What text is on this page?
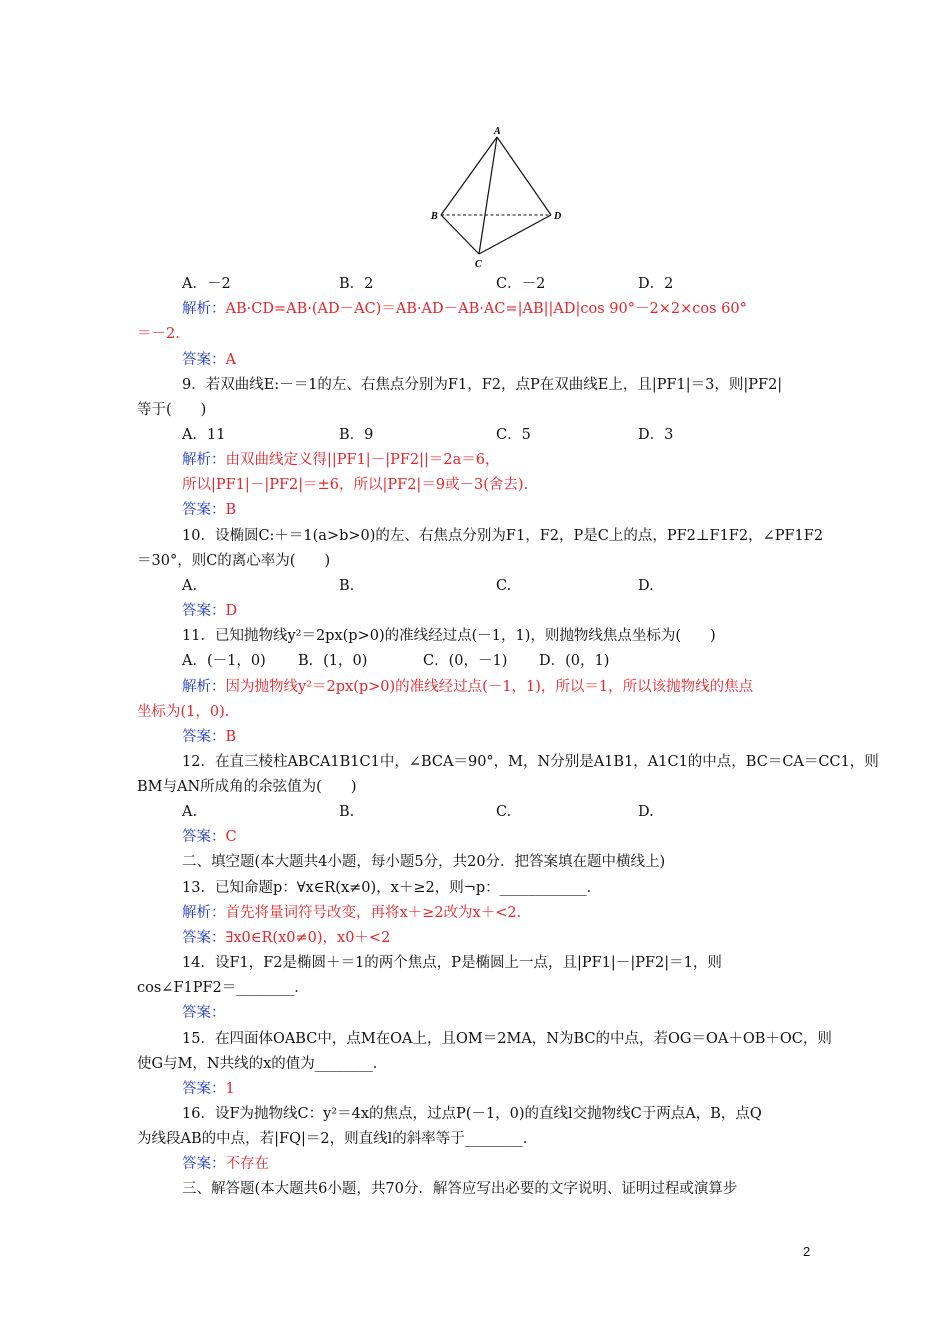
A
B	D
C
A．－2	B．2	C．－2	D．2
解析：AB·CD=AB·(AD－AC)＝AB·AD－AB·AC=|AB||AD|cos 90°－2×2×cos 60°
＝－2.
答案：A
9．若双曲线E:－＝1的左、右焦点分别为F1，F2，点P在双曲线E上，且|PF1|＝3，则|PF2|
等于(　　)
A．11	B．9	C．5	D．3
解析：由双曲线定义得||PF1|－|PF2||＝2a＝6，
所以|PF1|－|PF2|＝±6，所以|PF2|＝9或－3(舍去).
答案：B
10．设椭圆C:＋＝1(a>b>0)的左、右焦点分别为F1，F2，P是C上的点，PF2⊥F1F2，∠PF1F2
＝30°，则C的离心率为(　　)
A.	B.	C.	D.
答案：D
11．已知抛物线y²＝2px(p>0)的准线经过点(－1，1)，则抛物线焦点坐标为(　　)
A．(－1，0) B．(1，0)	C．(0，－1) D．(0，1)
解析：因为抛物线y²＝2px(p>0)的准线经过点(－1，1)，所以＝1，所以该抛物线的焦点
坐标为(1，0).
答案：B
12．在直三棱柱ABCA1B1C1中，∠BCA＝90°，M，N分别是A1B1，A1C1的中点，BC＝CA＝CC1，则
BM与AN所成角的余弦值为(　　)
A.	B.	C.	D.
答案：C
二、填空题(本大题共4小题，每小题5分，共20分．把答案填在题中横线上)
13．已知命题p：∀x∈R(x≠0)，x＋≥2，则¬p：____________．
解析：首先将量词符号改变，再将x＋≥2改为x＋<2.
答案：∃x0∈R(x0≠0)，x0＋<2
14．设F1，F2是椭圆＋＝1的两个焦点，P是椭圆上一点，且|PF1|－|PF2|＝1，则
cos∠F1PF2＝________．
答案：
15．在四面体OABC中，点M在OA上，且OM＝2MA，N为BC的中点，若OG＝OA＋OB＋OC，则
使G与M，N共线的x的值为________．
答案：1
16．设F为抛物线C：y²＝4x的焦点，过点P(－1，0)的直线l交抛物线C于两点A，B，点Q
为线段AB的中点，若|FQ|＝2，则直线l的斜率等于________．
答案：不存在
三、解答题(本大题共6小题，共70分．解答应写出必要的文字说明、证明过程或演算步
2
